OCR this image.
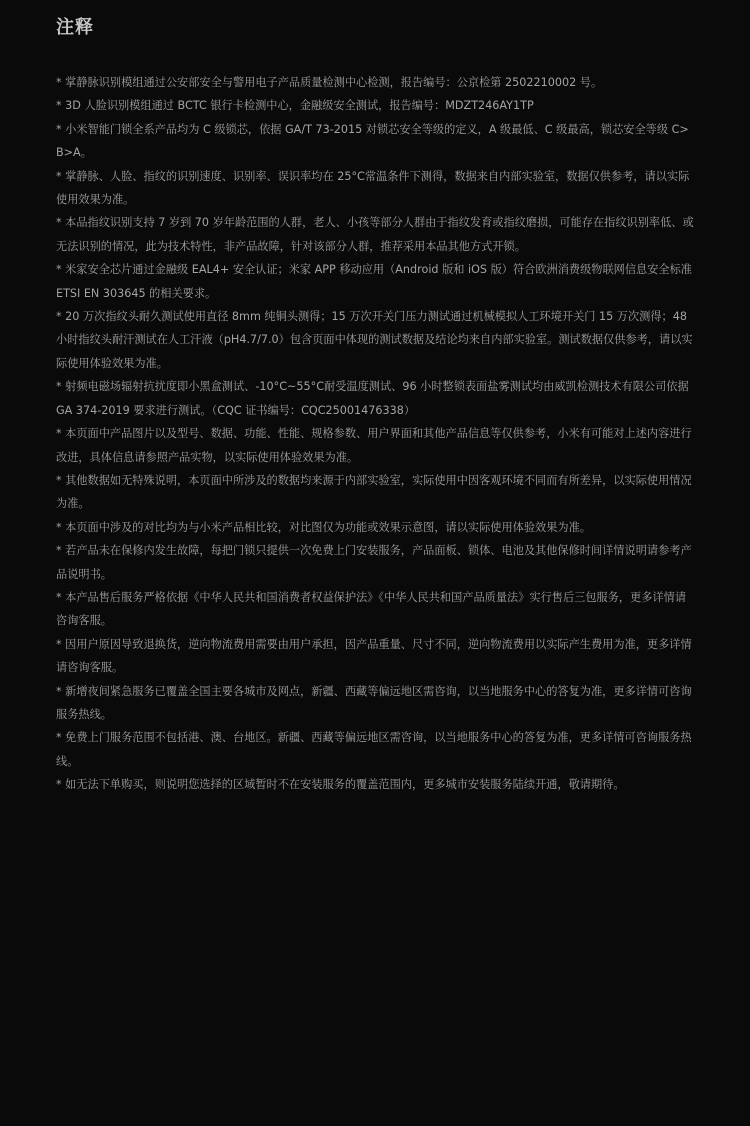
注释
* 掌静脉识别模组通过公安部安全与警用电子产品质量检测中心检测，报告编号：公京检第 2502210002 号。
* 3D 人脸识别模组通过 BCTC 银行卡检测中心，金融级安全测试，报告编号：MDZT246AY1TP
* 小米智能门锁全系产品均为 C 级锁芯，依据 GA/T 73-2015 对锁芯安全等级的定义，A 级最低、C 级最高，锁芯安全等级 C>B>A。
* 掌静脉、人脸、指纹的识别速度、识别率、误识率均在 25°C常温条件下测得，数据来自内部实验室，数据仅供参考，请以实际使用效果为准。
* 本品指纹识别支持 7 岁到 70 岁年龄范围的人群，老人、小孩等部分人群由于指纹发育或指纹磨损，可能存在指纹识别率低、或无法识别的情况，此为技术特性，非产品故障，针对该部分人群，推荐采用本品其他方式开锁。
* 米家安全芯片通过金融级 EAL4+ 安全认证；米家 APP 移动应用（Android 版和 iOS 版）符合欧洲消费级物联网信息安全标准 ETSI EN 303645 的相关要求。
* 20 万次指纹头耐久测试使用直径 8mm 纯铜头测得；15 万次开关门压力测试通过机械模拟人工环境开关门 15 万次测得；48 小时指纹头耐汗测试在人工汗液（pH4.7/7.0）包含页面中体现的测试数据及结论均来自内部实验室。测试数据仅供参考，请以实际使用体验效果为准。
* 射频电磁场辐射抗扰度即小黑盒测试、-10°C~55°C耐受温度测试、96 小时整锁表面盐雾测试均由威凯检测技术有限公司依据 GA 374-2019 要求进行测试。（CQC 证书编号：CQC25001476338）
* 本页面中产品图片以及型号、数据、功能、性能、规格参数、用户界面和其他产品信息等仅供参考，小米有可能对上述内容进行改进，具体信息请参照产品实物，以实际使用体验效果为准。
* 其他数据如无特殊说明，本页面中所涉及的数据均来源于内部实验室，实际使用中因客观环境不同而有所差异，以实际使用情况为准。
* 本页面中涉及的对比均为与小米产品相比较，对比图仅为功能或效果示意图，请以实际使用体验效果为准。
* 若产品未在保修内发生故障，每把门锁只提供一次免费上门安装服务，产品面板、锁体、电池及其他保修时间详情说明请参考产品说明书。
* 本产品售后服务严格依据《中华人民共和国消费者权益保护法》《中华人民共和国产品质量法》实行售后三包服务，更多详情请咨询客服。
* 因用户原因导致退换货，逆向物流费用需要由用户承担，因产品重量、尺寸不同，逆向物流费用以实际产生费用为准，更多详情请咨询客服。
* 新增夜间紧急服务已覆盖全国主要各城市及网点，新疆、西藏等偏远地区需咨询，以当地服务中心的答复为准，更多详情可咨询服务热线。
* 免费上门服务范围不包括港、澳、台地区。新疆、西藏等偏远地区需咨询，以当地服务中心的答复为准，更多详情可咨询服务热线。
* 如无法下单购买，则说明您选择的区域暂时不在安装服务的覆盖范围内，更多城市安装服务陆续开通，敬请期待。
